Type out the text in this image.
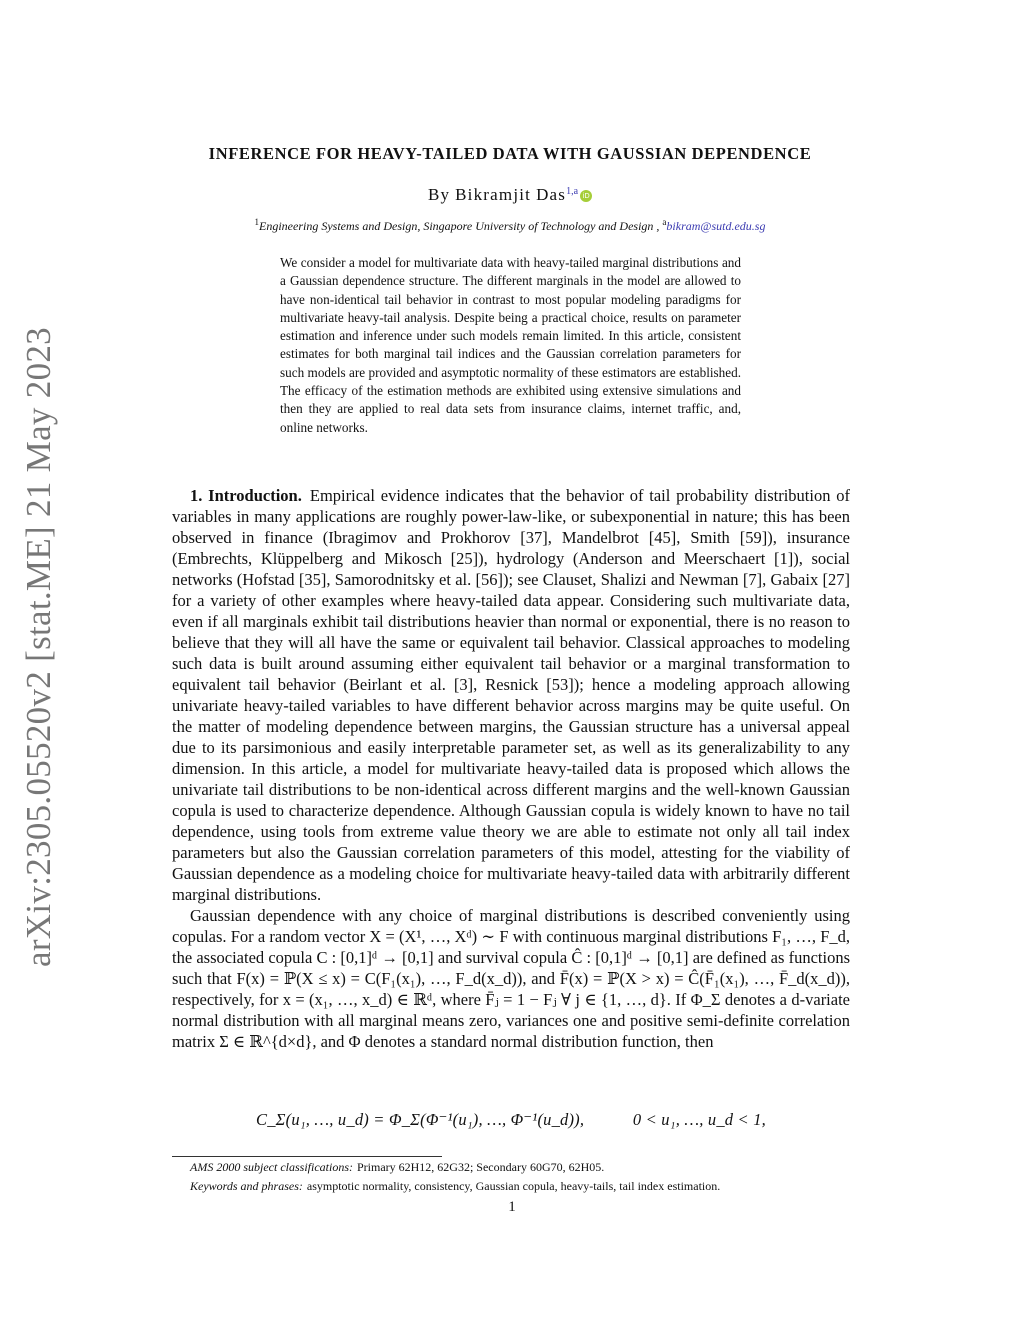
arXiv:2305.05520v2 [stat.ME] 21 May 2023
INFERENCE FOR HEAVY-TAILED DATA WITH GAUSSIAN DEPENDENCE
By Bikramjit Das$^{1,a}$ iD
$^1$Engineering Systems and Design, Singapore University of Technology and Design , $^a$bikram@sutd.edu.sg
We consider a model for multivariate data with heavy-tailed marginal distributions and a Gaussian dependence structure. The different marginals in the model are allowed to have non-identical tail behavior in contrast to most popular modeling paradigms for multivariate heavy-tail analysis. Despite being a practical choice, results on parameter estimation and inference under such models remain limited. In this article, consistent estimates for both marginal tail indices and the Gaussian correlation parameters for such models are provided and asymptotic normality of these estimators are established. The efficacy of the estimation methods are exhibited using extensive simulations and then they are applied to real data sets from insurance claims, internet traffic, and, online networks.

1. Introduction. Empirical evidence indicates that the behavior of tail probability distribution of variables in many applications are roughly power-law-like, or subexponential in nature; this has been observed in finance (Ibragimov and Prokhorov [37], Mandelbrot [45], Smith [59]), insurance (Embrechts, Klüppelberg and Mikosch [25]), hydrology (Anderson and Meerschaert [1]), social networks (Hofstad [35], Samorodnitsky et al. [56]); see Clauset, Shalizi and Newman [7], Gabaix [27] for a variety of other examples where heavy-tailed data appear. Considering such multivariate data, even if all marginals exhibit tail distributions heavier than normal or exponential, there is no reason to believe that they will all have the same or equivalent tail behavior. Classical approaches to modeling such data is built around assuming either equivalent tail behavior or a marginal transformation to equivalent tail behavior (Beirlant et al. [3], Resnick [53]); hence a modeling approach allowing univariate heavy-tailed variables to have different behavior across margins may be quite useful. On the matter of modeling dependence between margins, the Gaussian structure has a universal appeal due to its parsimonious and easily interpretable parameter set, as well as its generalizability to any dimension. In this article, a model for multivariate heavy-tailed data is proposed which allows the univariate tail distributions to be non-identical across different margins and the well-known Gaussian copula is used to characterize dependence. Although Gaussian copula is widely known to have no tail dependence, using tools from extreme value theory we are able to estimate not only all tail index parameters but also the Gaussian correlation parameters of this model, attesting for the viability of Gaussian dependence as a modeling choice for multivariate heavy-tailed data with arbitrarily different marginal distributions.

Gaussian dependence with any choice of marginal distributions is described conveniently using copulas. For a random vector X = (X¹, …, Xᵈ) ∼ F with continuous marginal distributions F₁, …, F_d, the associated copula C : [0,1]ᵈ → [0,1] and survival copula Ĉ : [0,1]ᵈ → [0,1] are defined as functions such that F(x) = ℙ(X ≤ x) = C(F₁(x₁), …, F_d(x_d)), and F̄(x) = ℙ(X > x) = Ĉ(F̄₁(x₁), …, F̄_d(x_d)), respectively, for x = (x₁, …, x_d) ∈ ℝᵈ, where F̄ⱼ = 1 − Fⱼ ∀ j ∈ {1, …, d}. If Φ_Σ denotes a d-variate normal distribution with all marginal means zero, variances one and positive semi-definite correlation matrix Σ ∈ ℝ^{d×d}, and Φ denotes a standard normal distribution function, then

C_Σ(u₁, …, u_d) = Φ_Σ(Φ⁻¹(u₁), …, Φ⁻¹(u_d)),	0 < u₁, …, u_d < 1,
AMS 2000 subject classifications: Primary 62H12, 62G32; Secondary 60G70, 62H05.
Keywords and phrases: asymptotic normality, consistency, Gaussian copula, heavy-tails, tail index estimation.
1
